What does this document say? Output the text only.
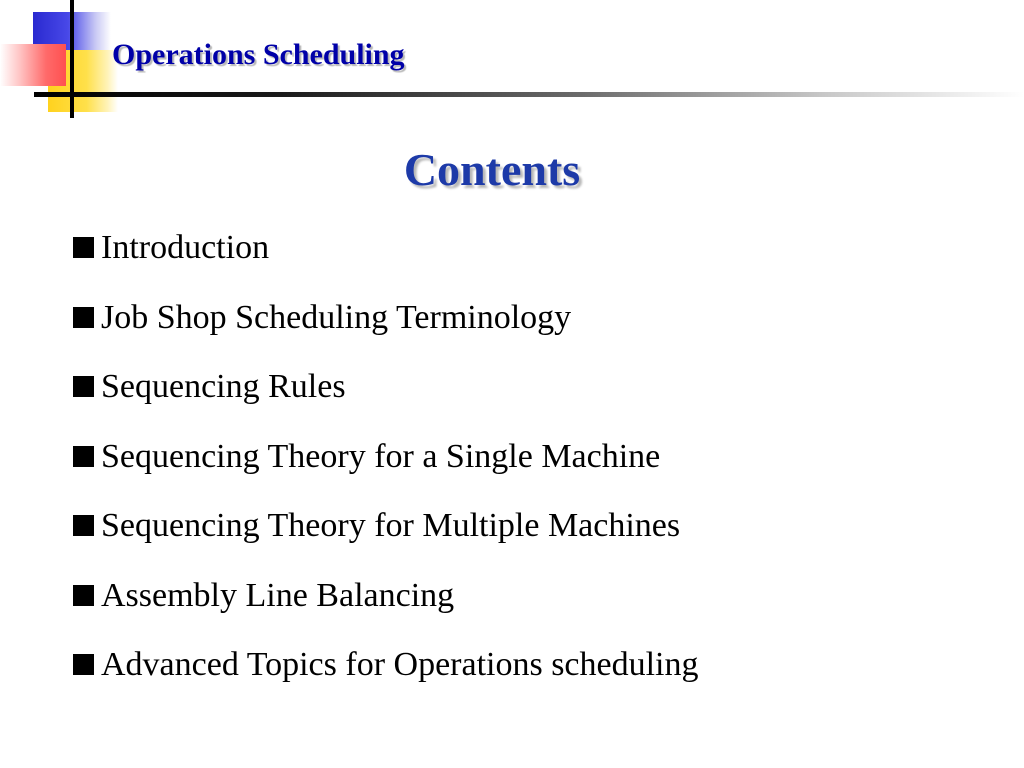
Operations Scheduling
Contents
Introduction
Job Shop Scheduling Terminology
Sequencing Rules
Sequencing Theory for a Single Machine
Sequencing Theory for Multiple Machines
Assembly Line Balancing
Advanced Topics for Operations scheduling
